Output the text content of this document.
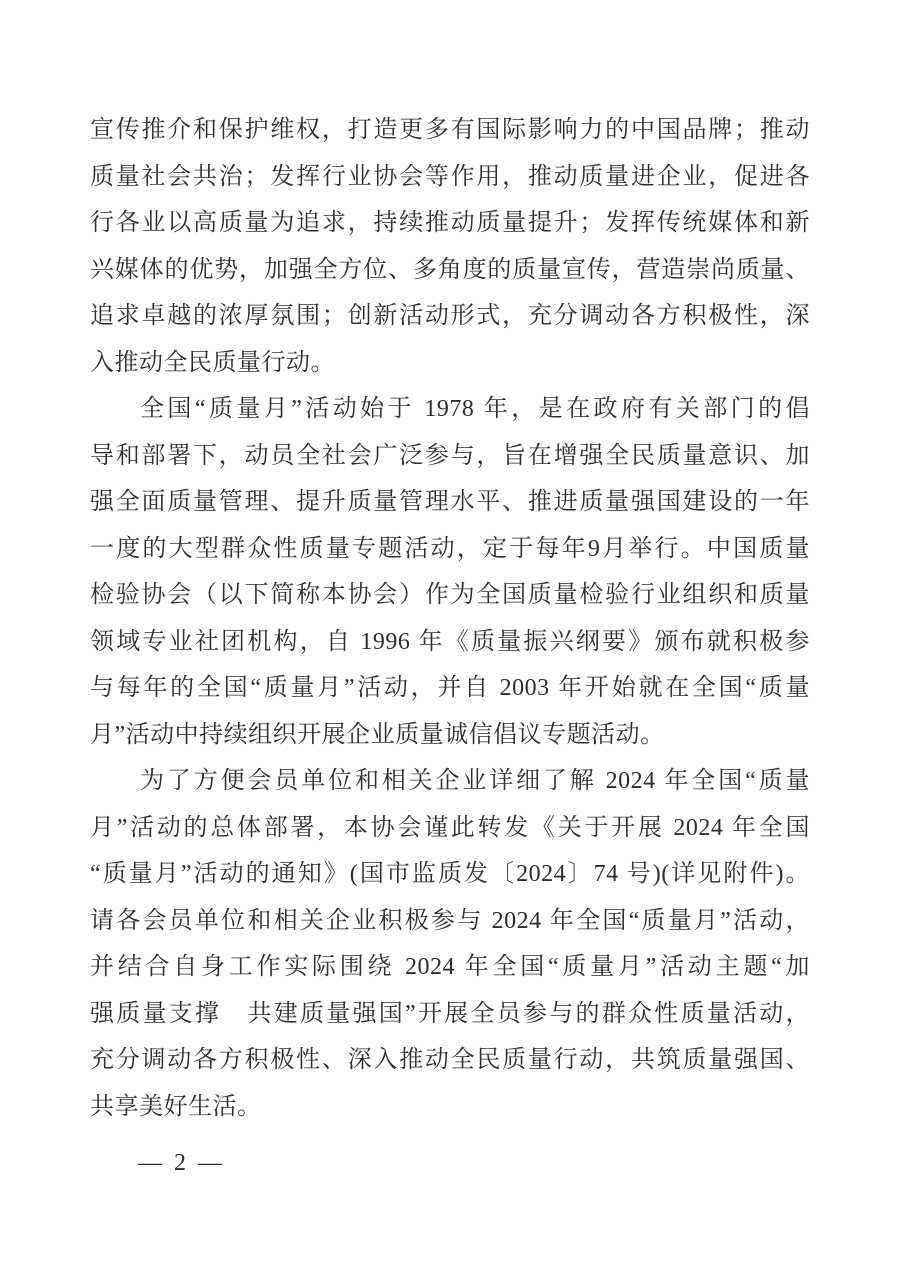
宣传推介和保护维权，打造更多有国际影响力的中国品牌；推动
质量社会共治；发挥行业协会等作用，推动质量进企业，促进各
行各业以高质量为追求，持续推动质量提升；发挥传统媒体和新
兴媒体的优势，加强全方位、多角度的质量宣传，营造崇尚质量、
追求卓越的浓厚氛围；创新活动形式，充分调动各方积极性，深
入推动全民质量行动。
全国“质量月”活动始于 1978 年，是在政府有关部门的倡
导和部署下，动员全社会广泛参与，旨在增强全民质量意识、加
强全面质量管理、提升质量管理水平、推进质量强国建设的一年
一度的大型群众性质量专题活动，定于每年9月举行。中国质量
检验协会（以下简称本协会）作为全国质量检验行业组织和质量
领域专业社团机构，自 1996 年《质量振兴纲要》颁布就积极参
与每年的全国“质量月”活动，并自 2003 年开始就在全国“质量
月”活动中持续组织开展企业质量诚信倡议专题活动。
为了方便会员单位和相关企业详细了解 2024 年全国“质量
月”活动的总体部署，本协会谨此转发《关于开展 2024 年全国
“质量月”活动的通知》(国市监质发〔2024〕74 号)(详见附件)。
请各会员单位和相关企业积极参与 2024 年全国“质量月”活动，
并结合自身工作实际围绕 2024 年全国“质量月”活动主题“加
强质量支撑　共建质量强国”开展全员参与的群众性质量活动，
充分调动各方积极性、深入推动全民质量行动，共筑质量强国、
共享美好生活。
— 2 —
